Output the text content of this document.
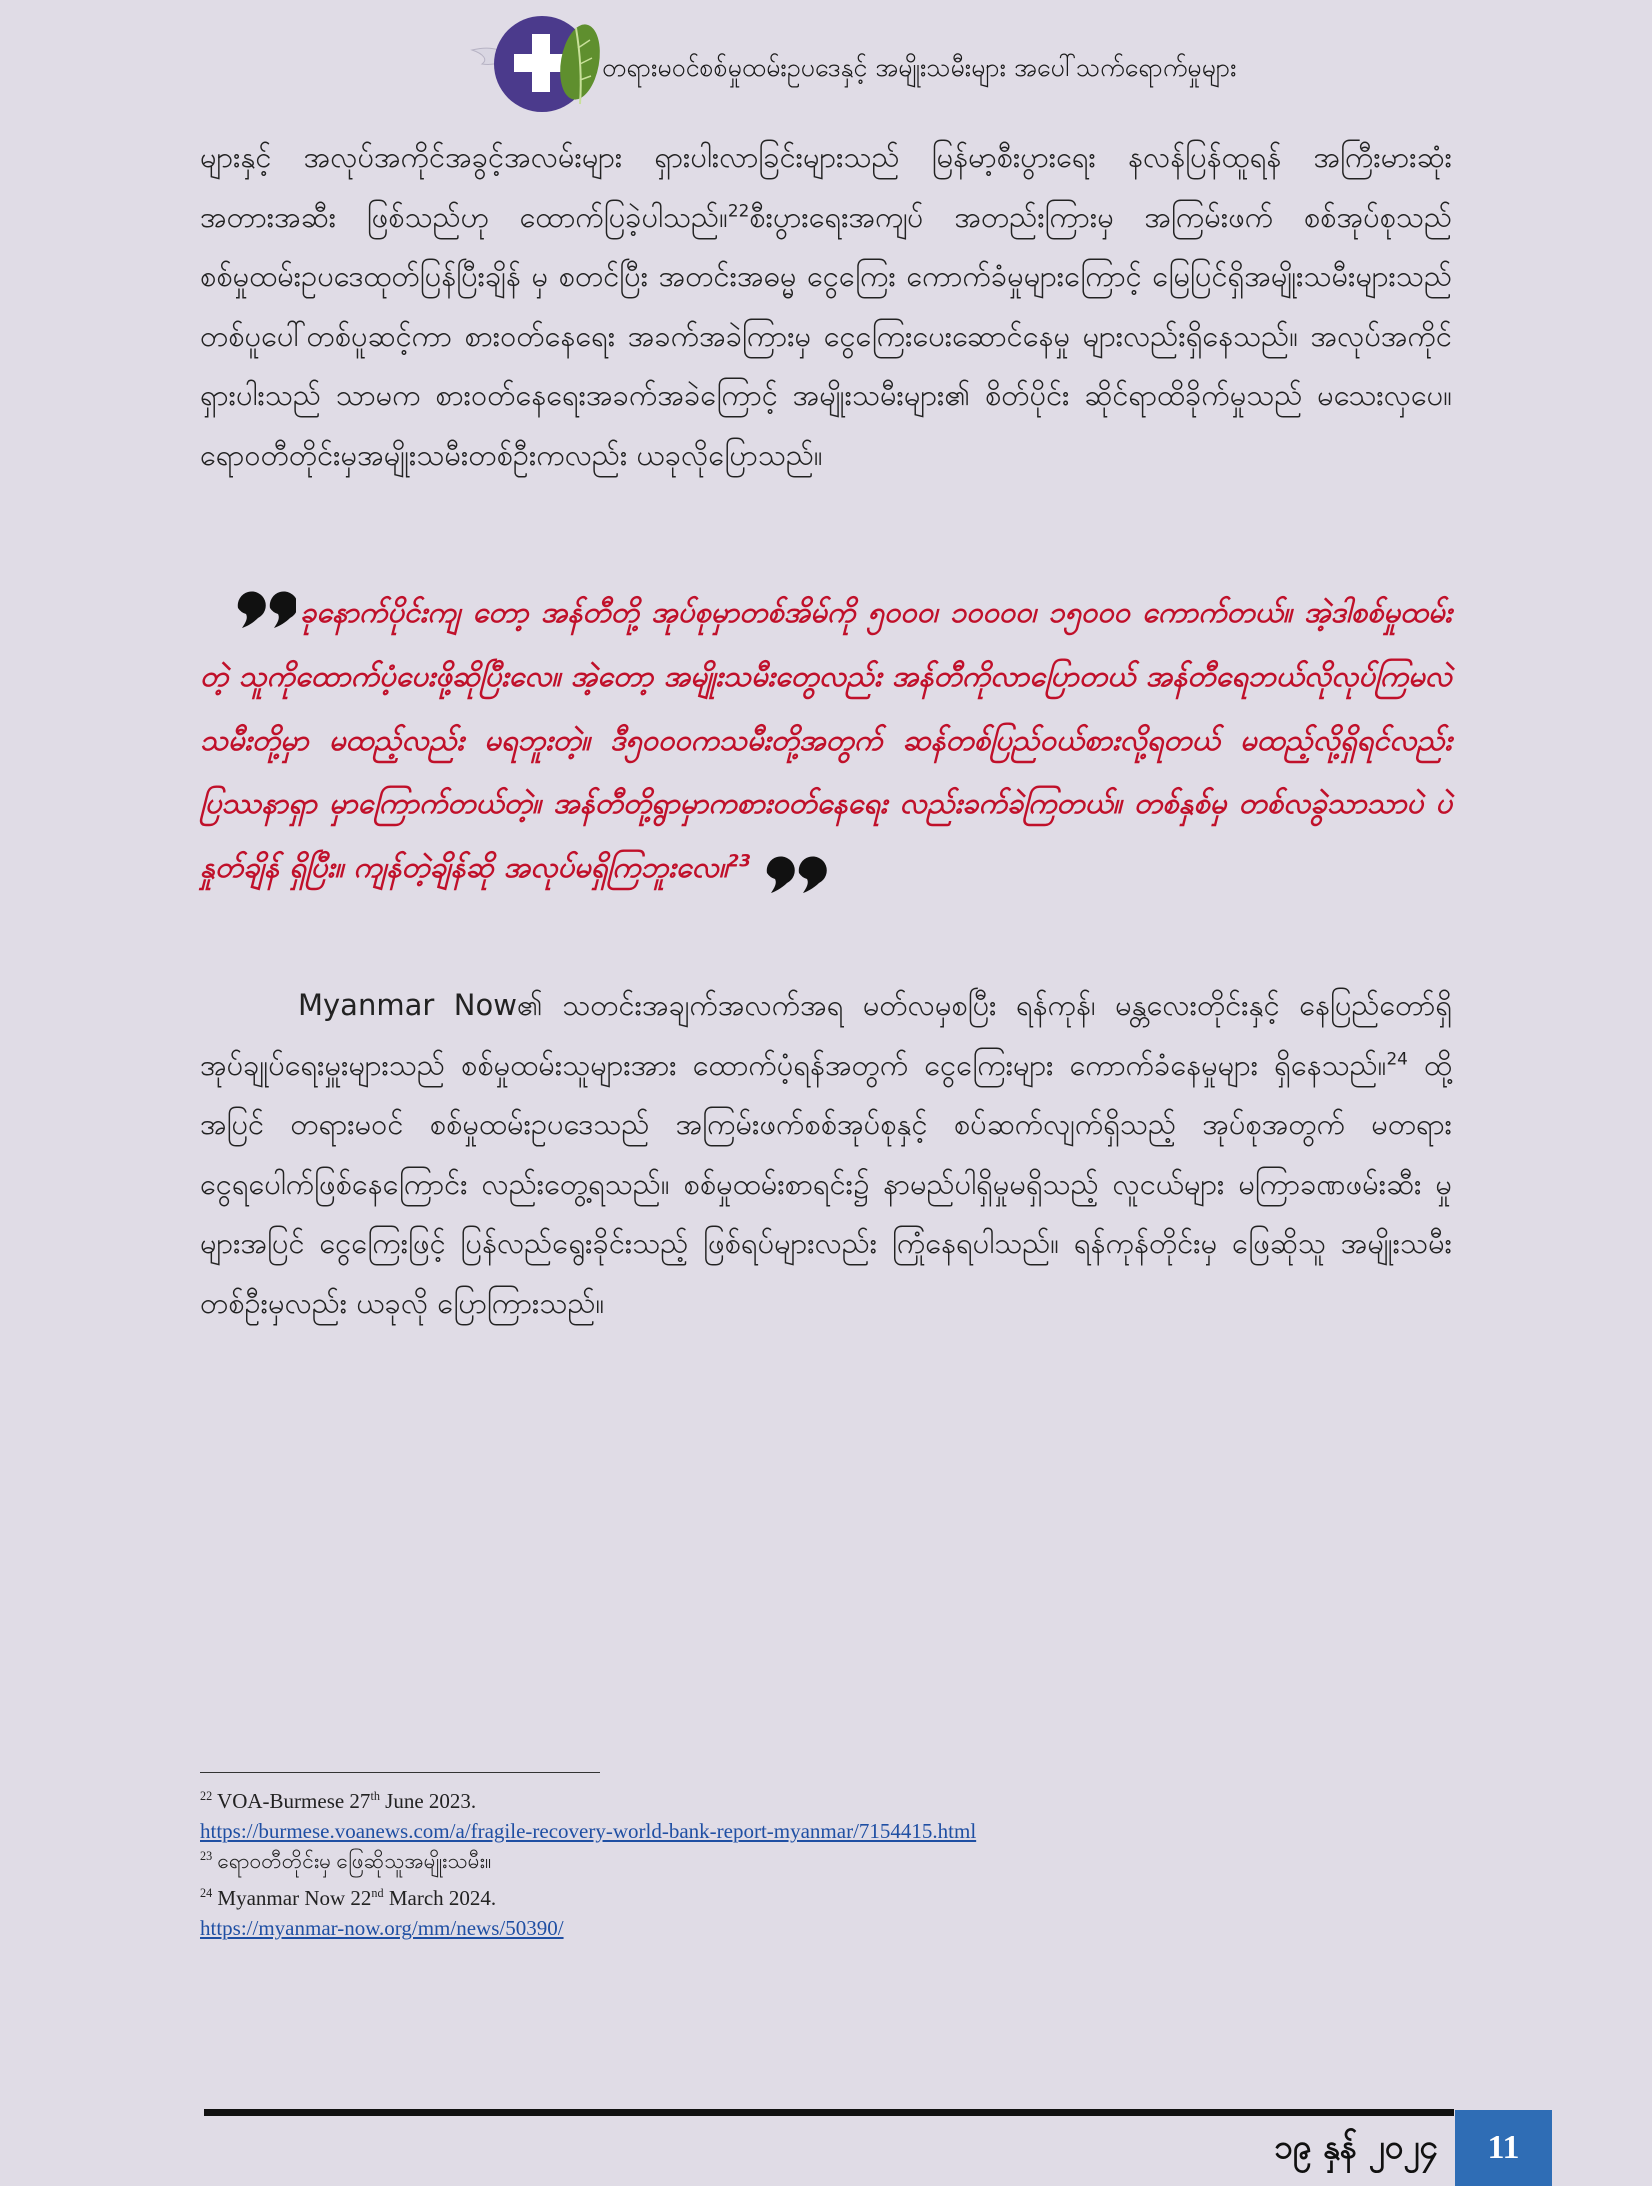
တရားမဝင်စစ်မှုထမ်းဥပဒေနှင့် အမျိုးသမီးများ အပေါ်သက်ရောက်မှုများ
များနှင့် အလုပ်အကိုင်အခွင့်အလမ်းများ ရှားပါးလာခြင်းများသည် မြန်မာ့စီးပွားရေး နလန်ပြန်ထူရန် အကြီးမားဆုံး အတားအဆီး ဖြစ်သည်ဟု ထောက်ပြခဲ့ပါသည်။$^{22}$စီးပွားရေးအကျပ် အတည်းကြားမှ အကြမ်းဖက် စစ်အုပ်စုသည် စစ်မှုထမ်းဥပဒေထုတ်ပြန်ပြီးချိန် မှ စတင်ပြီး အတင်းအဓမ္မ ငွေကြေး ကောက်ခံမှုများကြောင့် မြေပြင်ရှိအမျိုးသမီးများသည် တစ်ပူပေါ်တစ်ပူဆင့်ကာ စားဝတ်နေရေး အခက်အခဲကြားမှ ငွေကြေးပေးဆောင်နေမှု များလည်းရှိနေသည်။ အလုပ်အကိုင်ရှားပါးသည် သာမက စားဝတ်နေရေးအခက်အခဲကြောင့် အမျိုးသမီးများ၏ စိတ်ပိုင်း ဆိုင်ရာထိခိုက်မှုသည် မသေးလှပေ။ ရောဝတီတိုင်းမှအမျိုးသမီးတစ်ဦးကလည်း ယခုလိုပြောသည်။
ခုနောက်ပိုင်းကျ တော့ အန်တီတို့ အုပ်စုမှာတစ်အိမ်ကို ၅၀၀၀၊ ၁၀၀၀၀၊ ၁၅၀၀၀ ကောက်တယ်။ အဲ့ဒါစစ်မှုထမ်းတဲ့ သူကိုထောက်ပံ့ပေးဖို့ဆိုပြီးလေ။ အဲ့တော့ အမျိုးသမီးတွေလည်း အန်တီကိုလာပြောတယ် အန်တီရေဘယ်လိုလုပ်ကြမလဲ သမီးတို့မှာ မထည့်လည်း မရဘူးတဲ့။ ဒီ၅၀၀၀ကသမီးတို့အတွက် ဆန်တစ်ပြည်ဝယ်စားလို့ရတယ် မထည့်လို့ရှိရင်လည်း ပြဿနာရှာ မှာကြောက်တယ်တဲ့။ အန်တီတို့ရွာမှာကစားဝတ်နေရေး လည်းခက်ခဲကြတယ်။ တစ်နှစ်မှ တစ်လခွဲသာသာပဲ ပဲနှုတ်ချိန် ရှိပြီး။ ကျန်တဲ့ချိန်ဆို အလုပ်မရှိကြဘူးလေ။$^{23}$
Myanmar Now၏ သတင်းအချက်အလက်အရ မတ်လမှစပြီး ရန်ကုန်၊ မန္တလေးတိုင်းနှင့် နေပြည်တော်ရှိ အုပ်ချုပ်ရေးမှူးများသည် စစ်မှုထမ်းသူများအား ထောက်ပံ့ရန်အတွက် ငွေကြေးများ ကောက်ခံနေမှုများ ရှိနေသည်။$^{24}$ ထို့အပြင် တရားမဝင် စစ်မှုထမ်းဥပဒေသည် အကြမ်းဖက်စစ်အုပ်စုနှင့် စပ်ဆက်လျက်ရှိသည့် အုပ်စုအတွက် မတရား ငွေရပေါက်ဖြစ်နေကြောင်း လည်းတွေ့ရသည်။ စစ်မှုထမ်းစာရင်း၌ နာမည်ပါရှိမှုမရှိသည့် လူငယ်များ မကြာခဏဖမ်းဆီး မှုများအပြင် ငွေကြေးဖြင့် ပြန်လည်ရွေးခိုင်းသည့် ဖြစ်ရပ်များလည်း ကြုံနေရပါသည်။ ရန်ကုန်တိုင်းမှ ဖြေဆိုသူ အမျိုးသမီးတစ်ဦးမှလည်း ယခုလို ပြောကြားသည်။

$^{22}$ VOA-Burmese 27th June 2023.
https://burmese.voanews.com/a/fragile-recovery-world-bank-report-myanmar/7154415.html

$^{23}$ ရောဝတီတိုင်းမှ ဖြေဆိုသူအမျိုးသမီး။

$^{24}$ Myanmar Now 22nd March 2024.
https://myanmar-now.org/mm/news/50390/

၁၉ နှန် ၂၀၂၄	11
